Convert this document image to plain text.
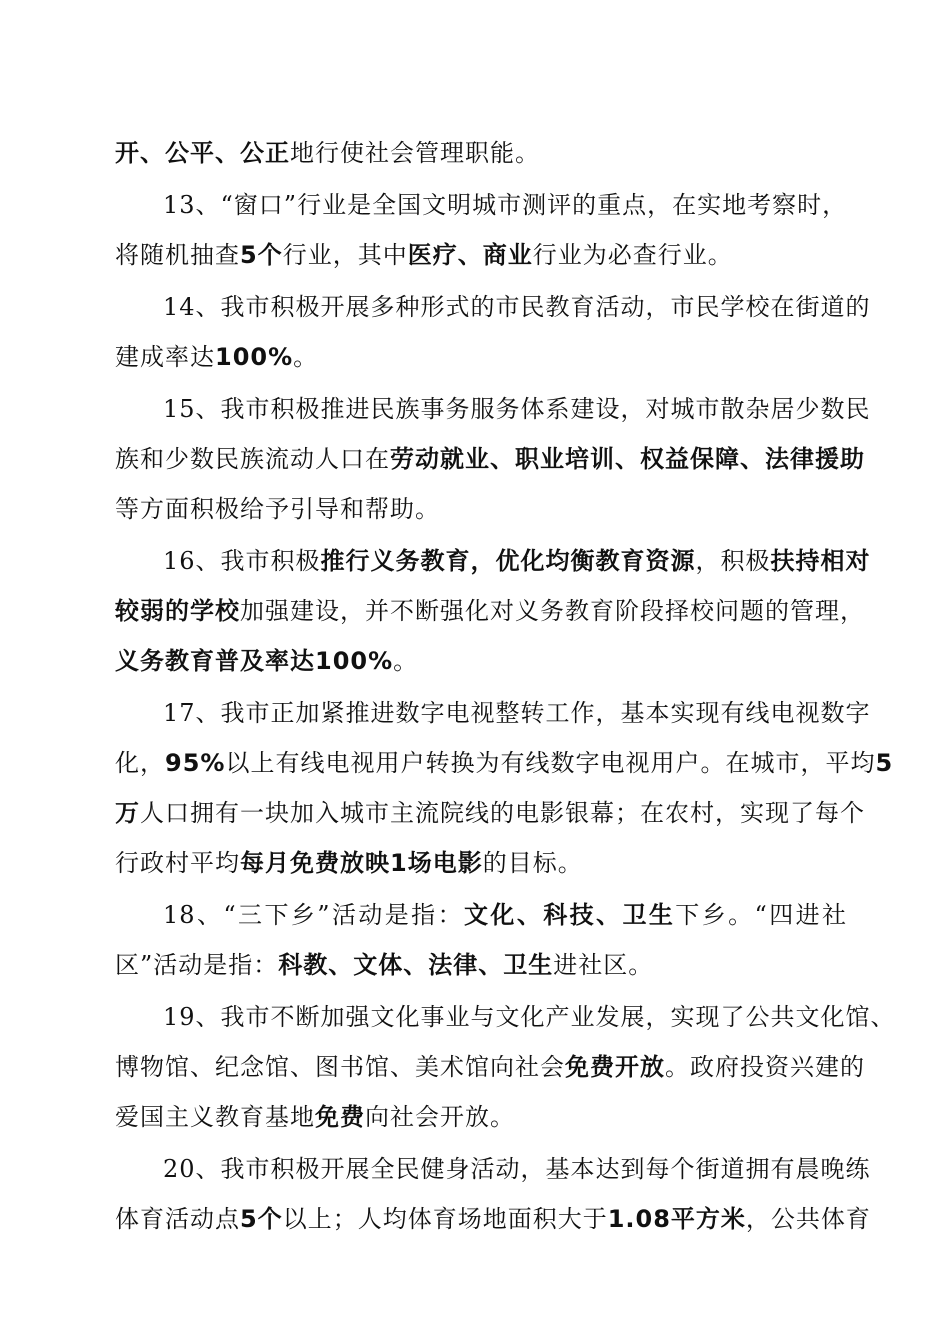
开、公平、公正地行使社会管理职能。
13、“窗口”行业是全国文明城市测评的重点，在实地考察时，
将随机抽查5个行业，其中医疗、商业行业为必查行业。
14、我市积极开展多种形式的市民教育活动，市民学校在街道的
建成率达100%。
15、我市积极推进民族事务服务体系建设，对城市散杂居少数民
族和少数民族流动人口在劳动就业、职业培训、权益保障、法律援助
等方面积极给予引导和帮助。
16、我市积极推行义务教育，优化均衡教育资源，积极扶持相对
较弱的学校加强建设，并不断强化对义务教育阶段择校问题的管理，
义务教育普及率达100%。
17、我市正加紧推进数字电视整转工作，基本实现有线电视数字
化，95%以上有线电视用户转换为有线数字电视用户。在城市，平均5
万人口拥有一块加入城市主流院线的电影银幕；在农村，实现了每个
行政村平均每月免费放映1场电影的目标。
18、“三下乡”活动是指：文化、科技、卫生下乡。“四进社
区”活动是指：科教、文体、法律、卫生进社区。
19、我市不断加强文化事业与文化产业发展，实现了公共文化馆、
博物馆、纪念馆、图书馆、美术馆向社会免费开放。政府投资兴建的
爱国主义教育基地免费向社会开放。
20、我市积极开展全民健身活动，基本达到每个街道拥有晨晚练
体育活动点5个以上；人均体育场地面积大于1.08平方米，公共体育
